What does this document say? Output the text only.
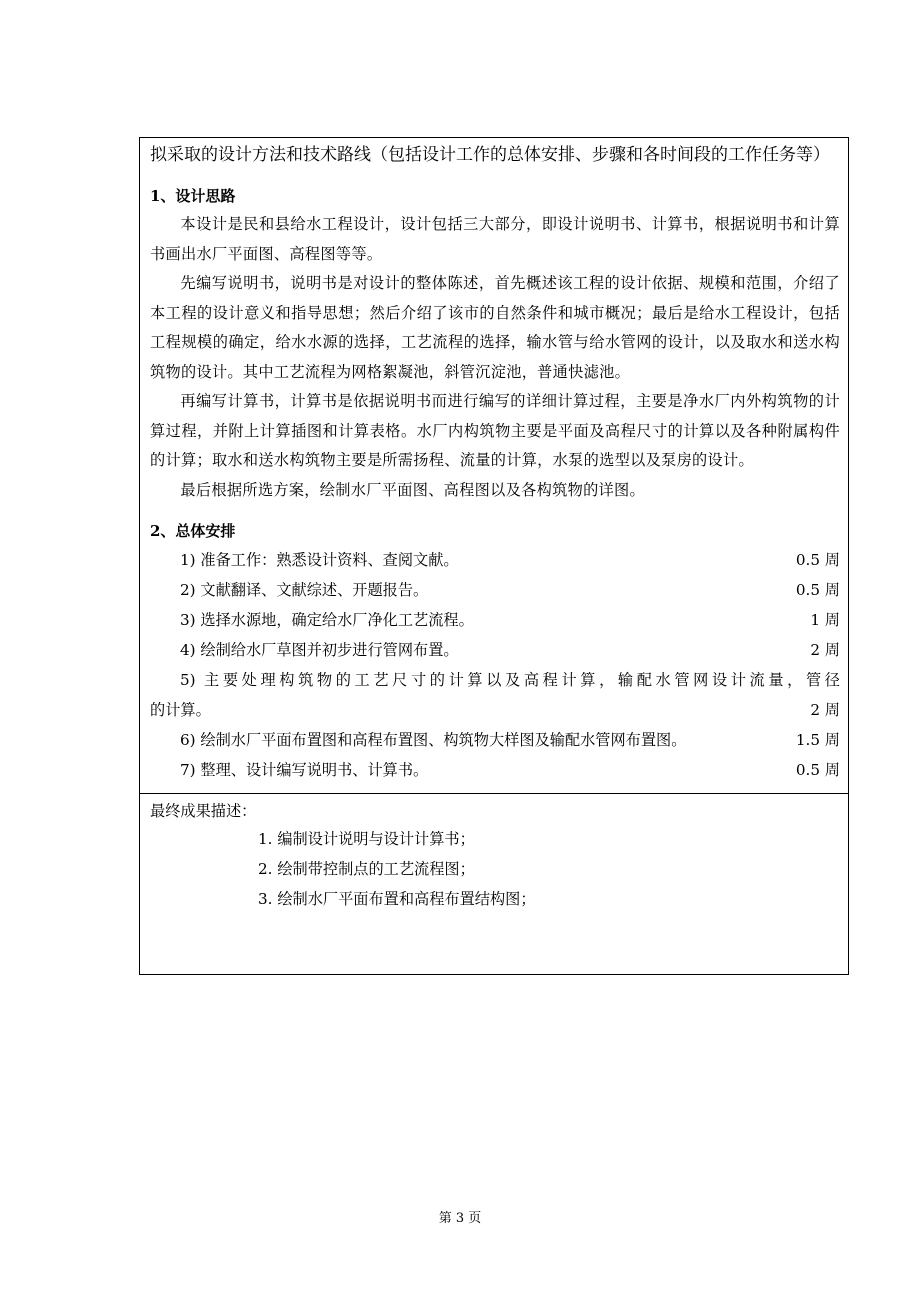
拟采取的设计方法和技术路线（包括设计工作的总体安排、步骤和各时间段的工作任务等）

1、设计思路

本设计是民和县给水工程设计，设计包括三大部分，即设计说明书、计算书，根据说明书和计算书画出水厂平面图、高程图等等。

先编写说明书，说明书是对设计的整体陈述，首先概述该工程的设计依据、规模和范围，介绍了本工程的设计意义和指导思想；然后介绍了该市的自然条件和城市概况；最后是给水工程设计，包括工程规模的确定，给水水源的选择，工艺流程的选择，输水管与给水管网的设计，以及取水和送水构筑物的设计。其中工艺流程为网格絮凝池，斜管沉淀池，普通快滤池。

再编写计算书，计算书是依据说明书而进行编写的详细计算过程，主要是净水厂内外构筑物的计算过程，并附上计算插图和计算表格。水厂内构筑物主要是平面及高程尺寸的计算以及各种附属构件的计算；取水和送水构筑物主要是所需扬程、流量的计算，水泵的选型以及泵房的设计。

最后根据所选方案，绘制水厂平面图、高程图以及各构筑物的详图。

2、总体安排
1) 准备工作：熟悉设计资料、查阅文献。	0.5 周
2) 文献翻译、文献综述、开题报告。	0.5 周
3) 选择水源地，确定给水厂净化工艺流程。	1 周
4) 绘制给水厂草图并初步进行管网布置。	2 周
5) 主要处理构筑物的工艺尺寸的计算以及高程计算，输配水管网设计流量，管径
的计算。	2 周
6) 绘制水厂平面布置图和高程布置图、构筑物大样图及输配水管网布置图。	1.5 周
7) 整理、设计编写说明书、计算书。	0.5 周

最终成果描述：

1. 编制设计说明与设计计算书；

2. 绘制带控制点的工艺流程图；

3. 绘制水厂平面布置和高程布置结构图；

第 3 页
